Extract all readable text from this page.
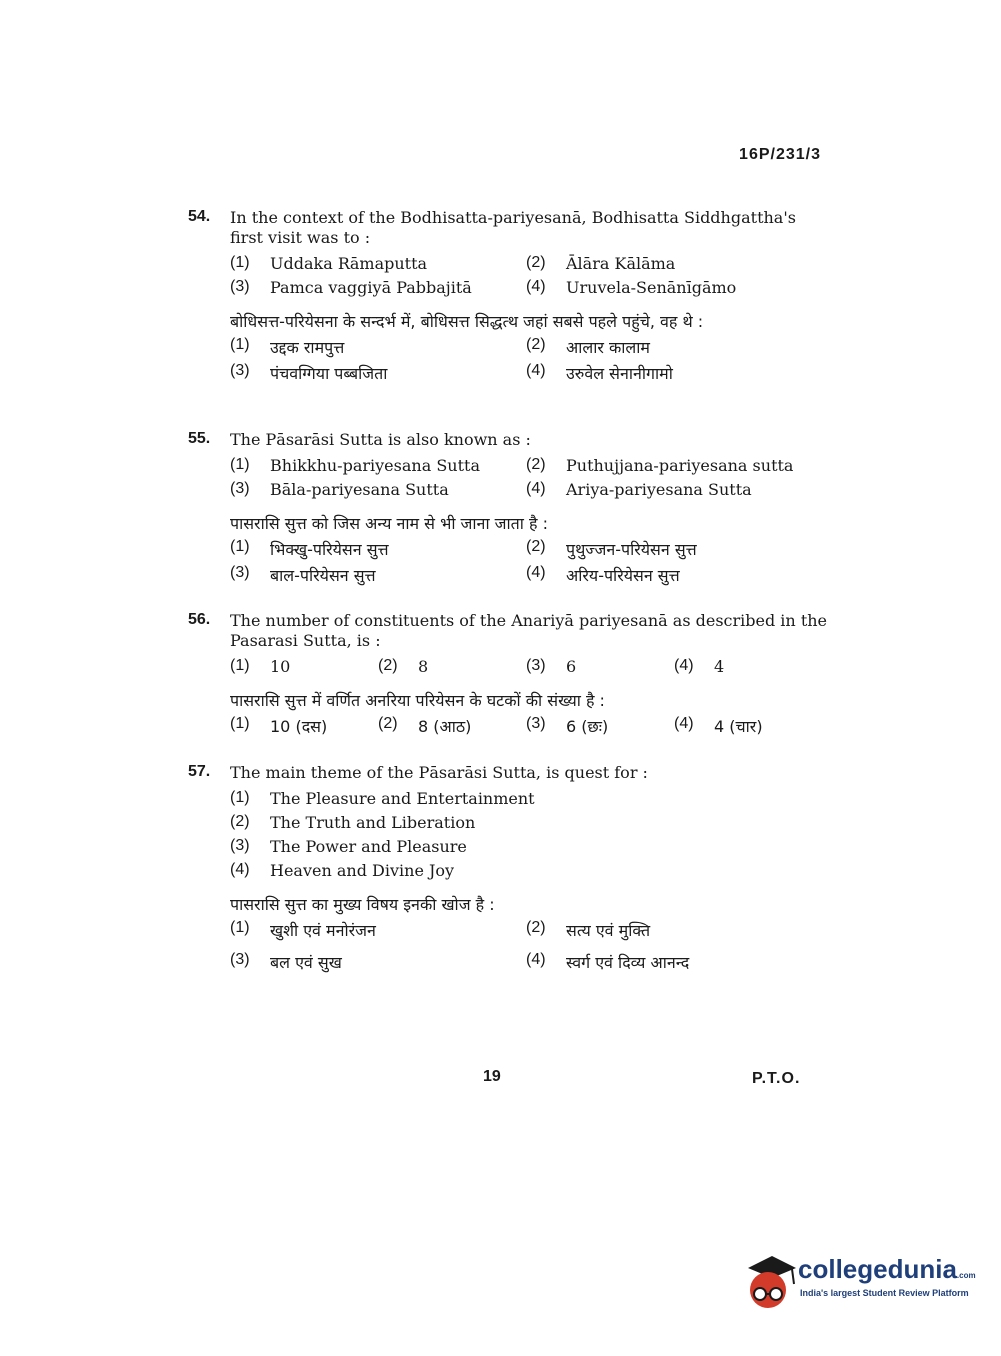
16P/231/3
54. In the context of the Bodhisatta-pariyesanā, Bodhisatta Siddhgattha's first visit was to :
(1)	Uddaka Rāmaputta	(2)	Ālāra Kālāma
(3)	Pamca vaggiyā Pabbajitā	(4)	Uruvela-Senānīgāmo
बोधिसत्त-परियेसना के सन्दर्भ में, बोधिसत्त सिद्धत्थ जहां सबसे पहले पहुंचे, वह थे :
(1)	उद्दक रामपुत्त	(2)	आलार कालाम
(3)	पंचवग्गिया पब्बजिता	(4)	उरुवेल सेनानीगामो
55. The Pāsarāsi Sutta is also known as :
(1)	Bhikkhu-pariyesana Sutta	(2)	Puthujjana-pariyesana sutta
(3)	Bāla-pariyesana Sutta	(4)	Ariya-pariyesana Sutta
पासरासि सुत्त को जिस अन्य नाम से भी जाना जाता है :
(1)	भिक्खु-परियेसन सुत्त	(2)	पुथुज्जन-परियेसन सुत्त
(3)	बाल-परियेसन सुत्त	(4)	अरिय-परियेसन सुत्त
56. The number of constituents of the Anariyā pariyesanā as described in the Pasarasi Sutta, is :
(1)	10	(2)	8	(3)	6	(4)	4
पासरासि सुत्त में वर्णित अनरिया परियेसन के घटकों की संख्या है :
(1)	10 (दस)	(2)	8 (आठ)	(3)	6 (छः)	(4)	4 (चार)
57. The main theme of the Pāsarāsi Sutta, is quest for :
(1)	The Pleasure and Entertainment
(2)	The Truth and Liberation
(3)	The Power and Pleasure
(4)	Heaven and Divine Joy
पासरासि सुत्त का मुख्य विषय इनकी खोज है :
(1)	खुशी एवं मनोरंजन	(2)	सत्य एवं मुक्ति
(3)	बल एवं सुख	(4)	स्वर्ग एवं दिव्य आनन्द
19	P.T.O.
collegedunia.com
India's largest Student Review Platform
